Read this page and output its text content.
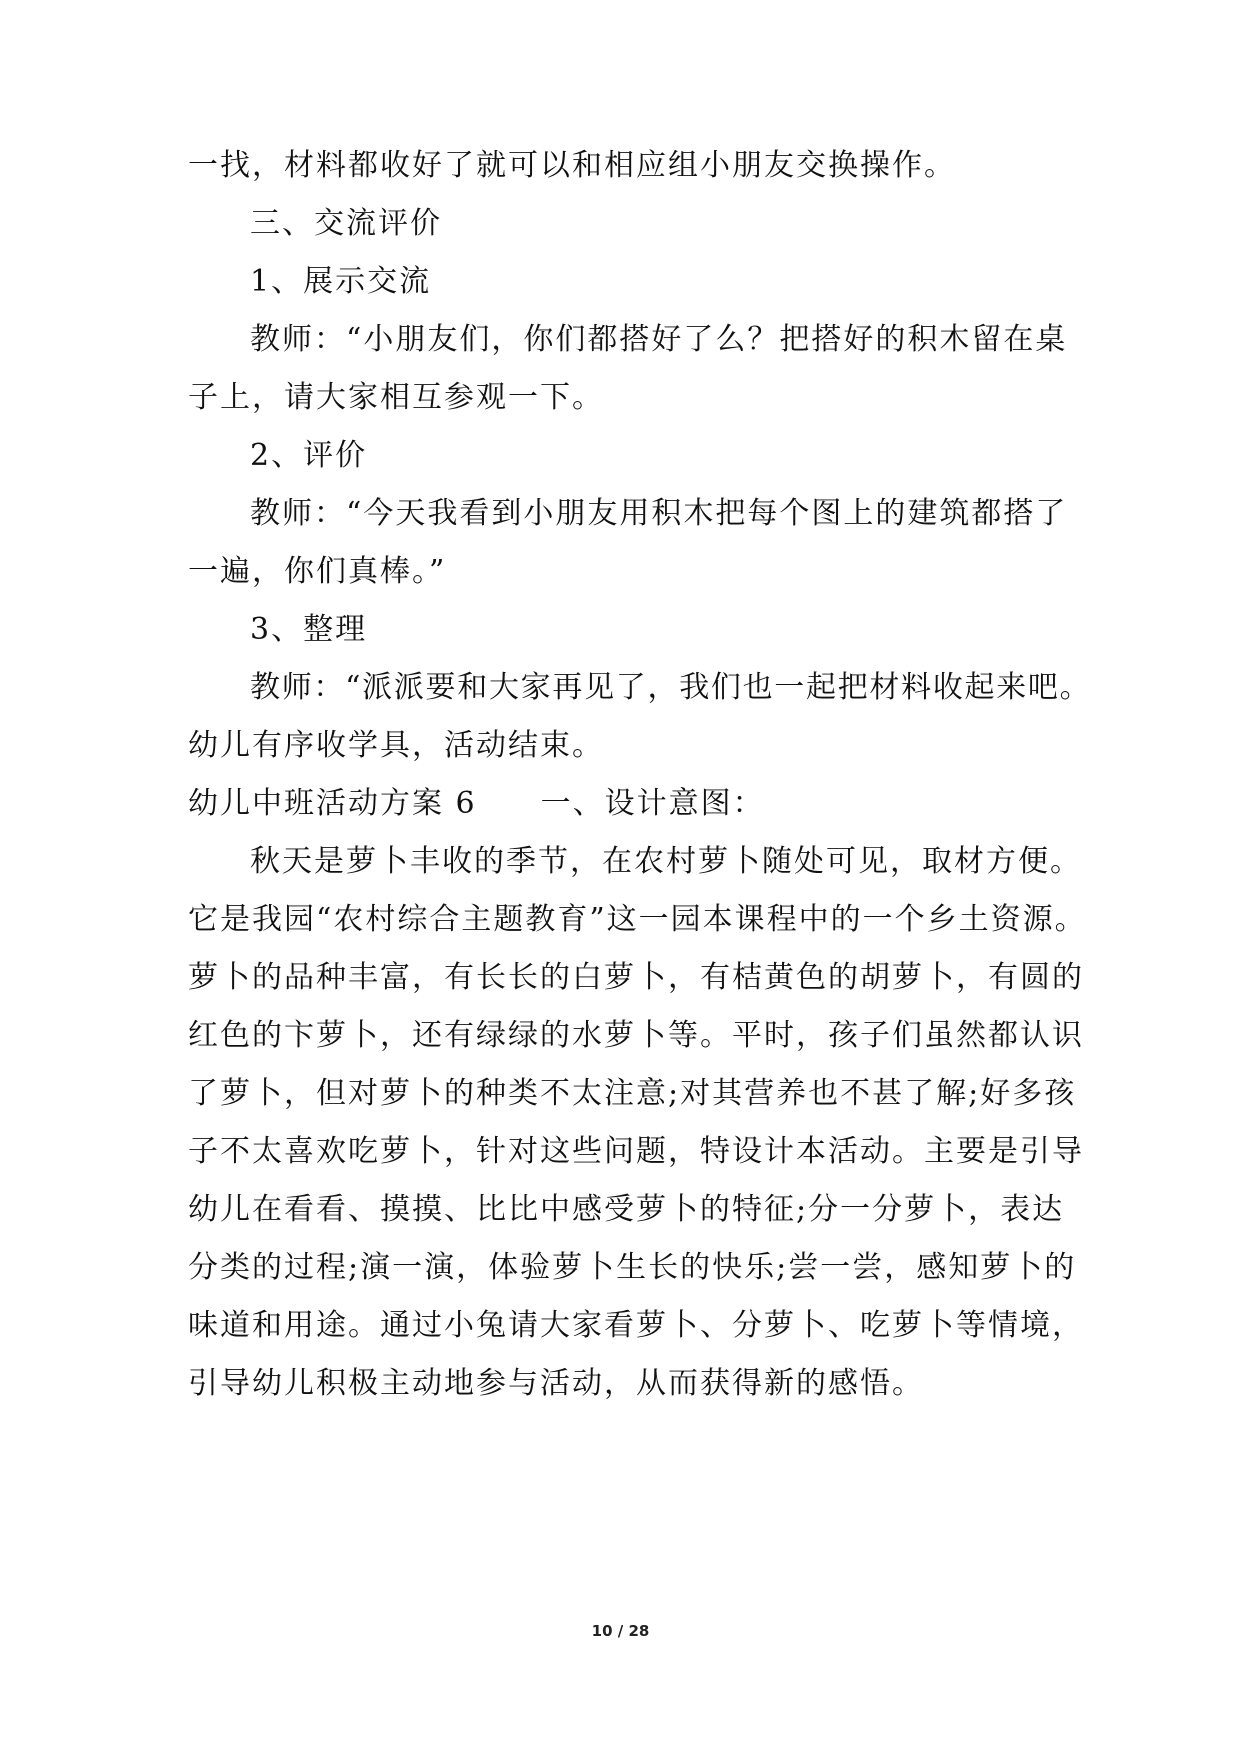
一找，材料都收好了就可以和相应组小朋友交换操作。
三、交流评价
1、展示交流
教师：“小朋友们，你们都搭好了么？把搭好的积木留在桌
子上，请大家相互参观一下。
2、评价
教师：“今天我看到小朋友用积木把每个图上的建筑都搭了
一遍，你们真棒。”
3、整理
教师：“派派要和大家再见了，我们也一起把材料收起来吧。
幼儿有序收学具，活动结束。
幼儿中班活动方案 6　　一、设计意图：
秋天是萝卜丰收的季节，在农村萝卜随处可见，取材方便。
它是我园“农村综合主题教育”这一园本课程中的一个乡土资源。
萝卜的品种丰富，有长长的白萝卜，有桔黄色的胡萝卜，有圆的
红色的卞萝卜，还有绿绿的水萝卜等。平时，孩子们虽然都认识
了萝卜，但对萝卜的种类不太注意;对其营养也不甚了解;好多孩
子不太喜欢吃萝卜，针对这些问题，特设计本活动。主要是引导
幼儿在看看、摸摸、比比中感受萝卜的特征;分一分萝卜，表达
分类的过程;演一演，体验萝卜生长的快乐;尝一尝，感知萝卜的
味道和用途。通过小兔请大家看萝卜、分萝卜、吃萝卜等情境，
引导幼儿积极主动地参与活动，从而获得新的感悟。
10 / 28
